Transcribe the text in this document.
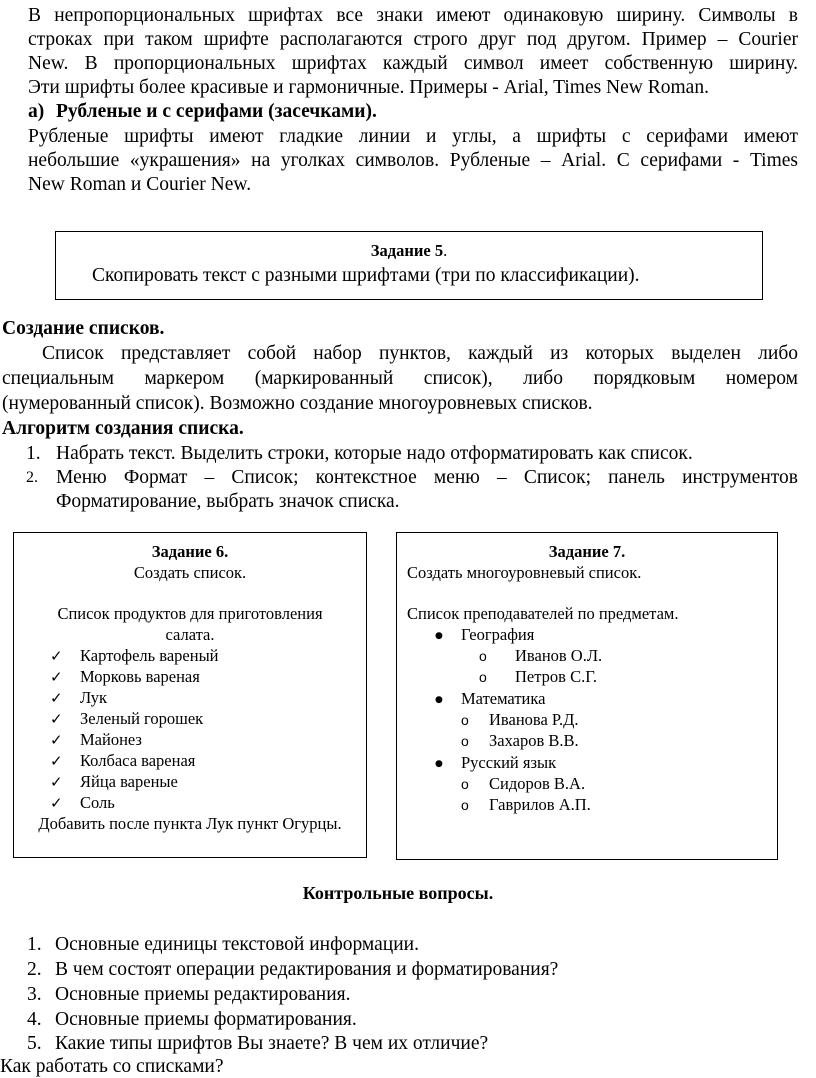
В непропорциональных шрифтах все знаки имеют одинаковую ширину. Символы в
строках при таком шрифте располагаются строго друг под другом. Пример – Courier
New. В пропорциональных шрифтах каждый символ имеет собственную ширину.
Эти шрифты более красивые и гармоничные. Примеры - Arial, Times New Roman.
а) Рубленые и с серифами (засечками).
Рубленые шрифты имеют гладкие линии и углы, а шрифты с серифами имеют
небольшие «украшения» на уголках символов. Рубленые – Arial. С серифами - Times
New Roman и Courier New.
Задание 5.
Скопировать текст с разными шрифтами (три по классификации).
Создание списков.
Список представляет собой набор пунктов, каждый из которых выделен либо
специальным маркером (маркированный список), либо порядковым номером
(нумерованный список). Возможно создание многоуровневых списков.
Алгоритм создания списка.
1. Набрать текст. Выделить строки, которые надо отформатировать как список.
2. Меню Формат – Список; контекстное меню – Список; панель инструментов
Форматирование, выбрать значок списка.
Задание 6.
Создать список.
Список продуктов для приготовления
салата.
✓
Картофель вареный
✓
Морковь вареная
✓
Лук
✓
Зеленый горошек
✓
Майонез
✓
Колбаса вареная
✓
Яйца вареные
✓
Соль
Добавить после пункта Лук пункт Огурцы.
Задание 7.
Создать многоуровневый список.
Список преподавателей по предметам.
●
География
o
Иванов О.Л.
o
Петров С.Г.
●
Математика
o
Иванова Р.Д.
o
Захаров В.В.
●
Русский язык
o
Сидоров В.А.
o
Гаврилов А.П.
Контрольные вопросы.
1. Основные единицы текстовой информации.
2. В чем состоят операции редактирования и форматирования?
3. Основные приемы редактирования.
4. Основные приемы форматирования.
5. Какие типы шрифтов Вы знаете? В чем их отличие?
Как работать со списками?
